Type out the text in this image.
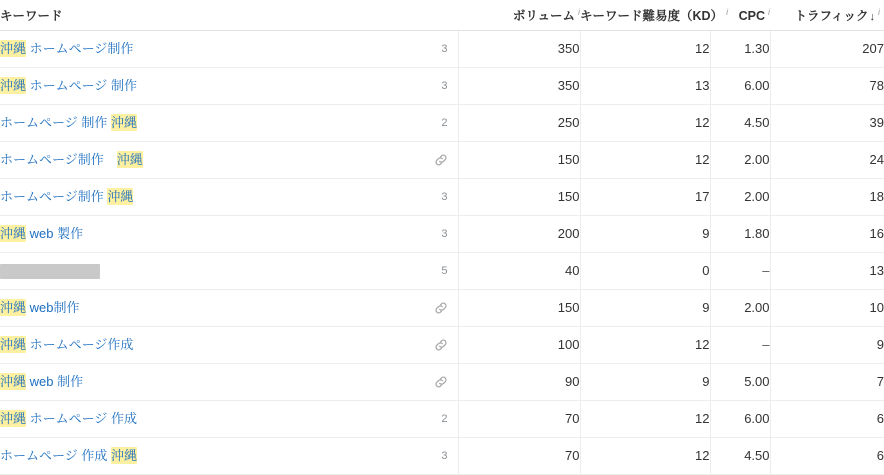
キーワード	ボリューム $^i$	キーワード難易度（KD） $^i$	CPC $^i$	トラフィック↓ $^i$

沖縄 ホームページ制作 3	350	12	1.30	207

沖縄 ホームページ 制作 3	350	13	6.00	78

ホームページ 制作 沖縄 2	250	12	4.50	39

ホームページ制作　沖縄	150	12	2.00	24

ホームページ制作 沖縄 3	150	17	2.00	18

沖縄 web 製作 3	200	9	1.80	16

5	40	0	–	13

沖縄 web制作	150	9	2.00	10

沖縄 ホームページ作成	100	12	–	9

沖縄 web 制作	90	9	5.00	7

沖縄 ホームページ 作成 2	70	12	6.00	6

ホームページ 作成 沖縄 3	70	12	4.50	6
